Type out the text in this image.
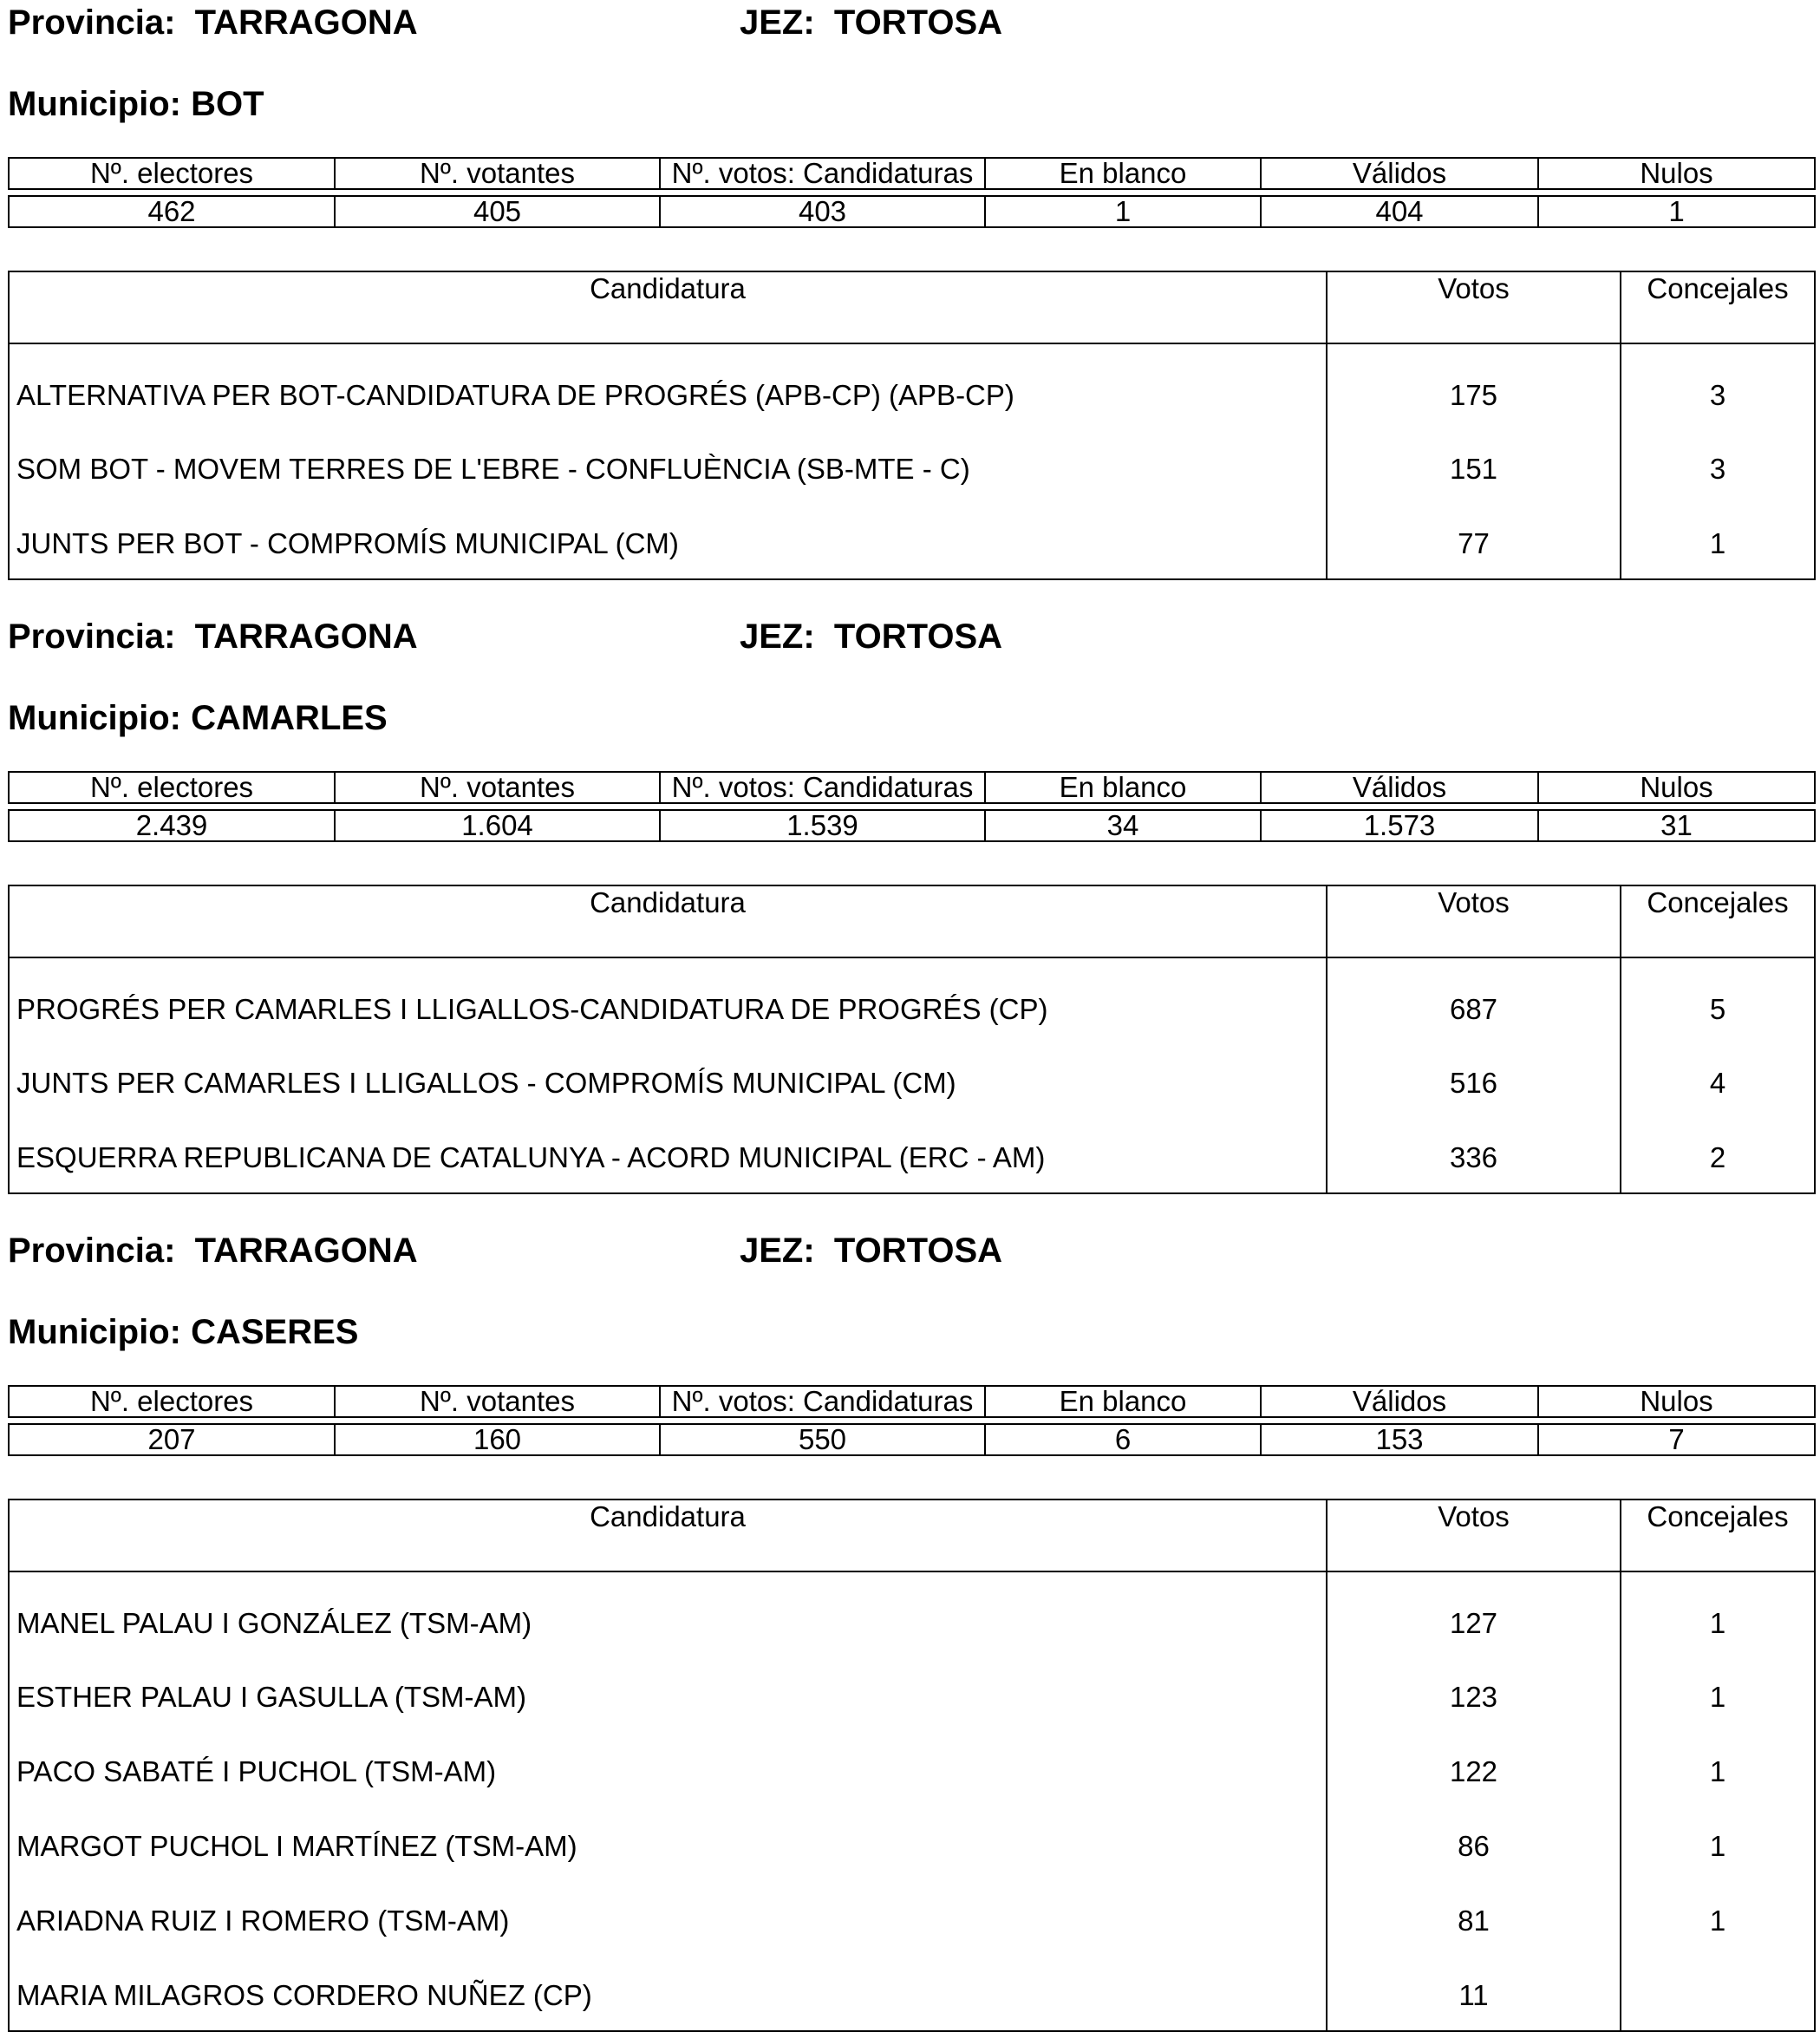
Provincia:  TARRAGONA	JEZ:  TORTOSA
Municipio: BOT
Nº. electores	Nº. votantes	Nº. votos: Candidaturas	En blanco	Válidos	Nulos

462	405	403	1	404	1
Candidatura	Votos	Concejales
ALTERNATIVA PER BOT-CANDIDATURA DE PROGRÉS (APB-CP) (APB-CP)	175	3
SOM BOT - MOVEM TERRES DE L'EBRE - CONFLUÈNCIA (SB-MTE - C)	151	3
JUNTS PER BOT - COMPROMÍS MUNICIPAL (CM)	77	1
Provincia:  TARRAGONA	JEZ:  TORTOSA
Municipio: CAMARLES
Nº. electores	Nº. votantes	Nº. votos: Candidaturas	En blanco	Válidos	Nulos

2.439	1.604	1.539	34	1.573	31
Candidatura	Votos	Concejales
PROGRÉS PER CAMARLES I LLIGALLOS-CANDIDATURA DE PROGRÉS (CP)	687	5
JUNTS PER CAMARLES I LLIGALLOS - COMPROMÍS MUNICIPAL (CM)	516	4
ESQUERRA REPUBLICANA DE CATALUNYA - ACORD MUNICIPAL (ERC - AM)	336	2
Provincia:  TARRAGONA	JEZ:  TORTOSA
Municipio: CASERES
Nº. electores	Nº. votantes	Nº. votos: Candidaturas	En blanco	Válidos	Nulos

207	160	550	6	153	7
Candidatura	Votos	Concejales
MANEL PALAU I GONZÁLEZ (TSM-AM)	127	1
ESTHER PALAU I GASULLA (TSM-AM)	123	1
PACO SABATÉ I PUCHOL (TSM-AM)	122	1
MARGOT PUCHOL I MARTÍNEZ (TSM-AM)	86	1
ARIADNA RUIZ I ROMERO (TSM-AM)	81	1
MARIA MILAGROS CORDERO NUÑEZ (CP)	11	
